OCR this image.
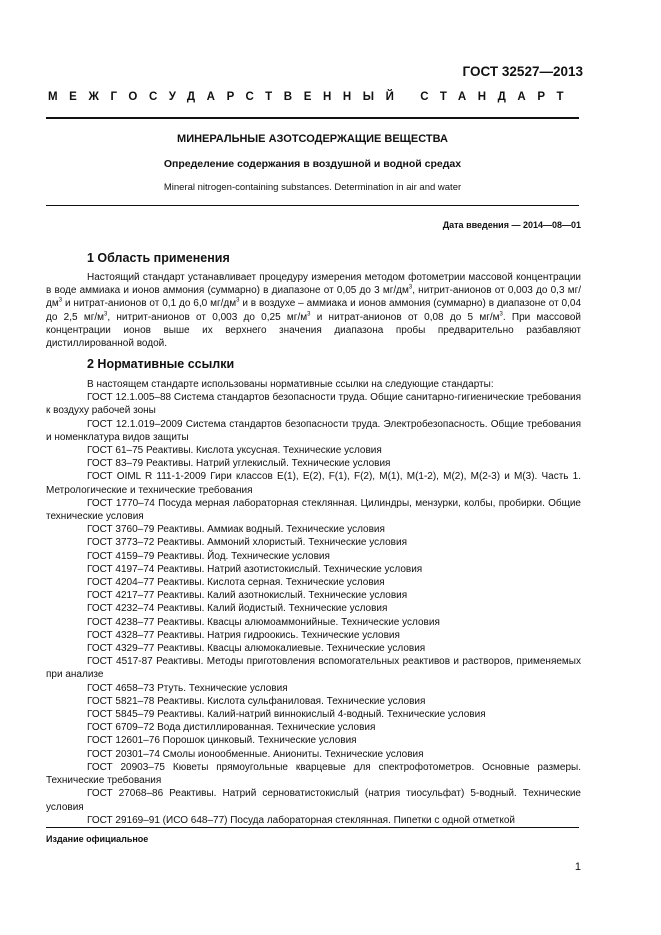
ГОСТ 32527—2013
МЕЖГОСУДАРСТВЕННЫЙ СТАНДАРТ
МИНЕРАЛЬНЫЕ АЗОТСОДЕРЖАЩИЕ ВЕЩЕСТВА
Определение содержания в воздушной и водной средах
Mineral nitrogen-containing substances. Determination in air and water
Дата введения — 2014—08—01
1 Область применения
Настоящий стандарт устанавливает процедуру измерения методом фотометрии массовой концентрации в воде аммиака и ионов аммония (суммарно) в диапазоне от 0,05 до 3 $мг/дм^3$, нитрит-анионов от 0,003 до 0,3 $мг/дм^3$ и нитрат-анионов от 0,1 до 6,0 $мг/дм^3$ и в воздухе – аммиака и ионов аммония (суммарно) в диапазоне от 0,04 до 2,5 $мг/м^3$, нитрит-анионов от 0,003 до 0,25 $мг/м^3$ и нитрат-анионов от 0,08 до 5 $мг/м^3$. При массовой концентрации ионов выше их верхнего значения диапазона пробы предварительно разбавляют дистиллированной водой.
2 Нормативные ссылки
В настоящем стандарте использованы нормативные ссылки на следующие стандарты:
ГОСТ 12.1.005–88 Система стандартов безопасности труда. Общие санитарно-гигиенические требования к воздуху рабочей зоны
ГОСТ 12.1.019–2009 Система стандартов безопасности труда. Электробезопасность. Общие требования и номенклатура видов защиты
ГОСТ 61–75 Реактивы. Кислота уксусная. Технические условия
ГОСТ 83–79 Реактивы. Натрий углекислый. Технические условия
ГОСТ OIML R 111-1-2009 Гири классов E(1), E(2), F(1), F(2), M(1), M(1-2), M(2), M(2-3) и M(3). Часть 1. Метрологические и технические требования
ГОСТ 1770–74 Посуда мерная лабораторная стеклянная. Цилиндры, мензурки, колбы, пробирки. Общие технические условия
ГОСТ 3760–79 Реактивы. Аммиак водный. Технические условия
ГОСТ 3773–72 Реактивы. Аммоний хлористый. Технические условия
ГОСТ 4159–79 Реактивы. Йод. Технические условия
ГОСТ 4197–74 Реактивы. Натрий азотистокислый. Технические условия
ГОСТ 4204–77 Реактивы. Кислота серная. Технические условия
ГОСТ 4217–77 Реактивы. Калий азотнокислый. Технические условия
ГОСТ 4232–74 Реактивы. Калий йодистый. Технические условия
ГОСТ 4238–77 Реактивы. Квасцы алюмоаммонийные. Технические условия
ГОСТ 4328–77 Реактивы. Натрия гидроокись. Технические условия
ГОСТ 4329–77 Реактивы. Квасцы алюмокалиевые. Технические условия
ГОСТ 4517-87 Реактивы. Методы приготовления вспомогательных реактивов и растворов, применяемых при анализе
ГОСТ 4658–73 Ртуть. Технические условия
ГОСТ 5821–78 Реактивы. Кислота сульфаниловая. Технические условия
ГОСТ 5845–79 Реактивы. Калий-натрий виннокислый 4-водный. Технические условия
ГОСТ 6709–72 Вода дистиллированная. Технические условия
ГОСТ 12601–76 Порошок цинковый. Технические условия
ГОСТ 20301–74 Смолы ионообменные. Аниониты. Технические условия
ГОСТ 20903–75 Кюветы прямоугольные кварцевые для спектрофотометров. Основные размеры. Технические требования
ГОСТ 27068–86 Реактивы. Натрий серноватистокислый (натрия тиосульфат) 5-водный. Технические условия
ГОСТ 29169–91 (ИСО 648–77) Посуда лабораторная стеклянная. Пипетки с одной отметкой
Издание официальное
1
